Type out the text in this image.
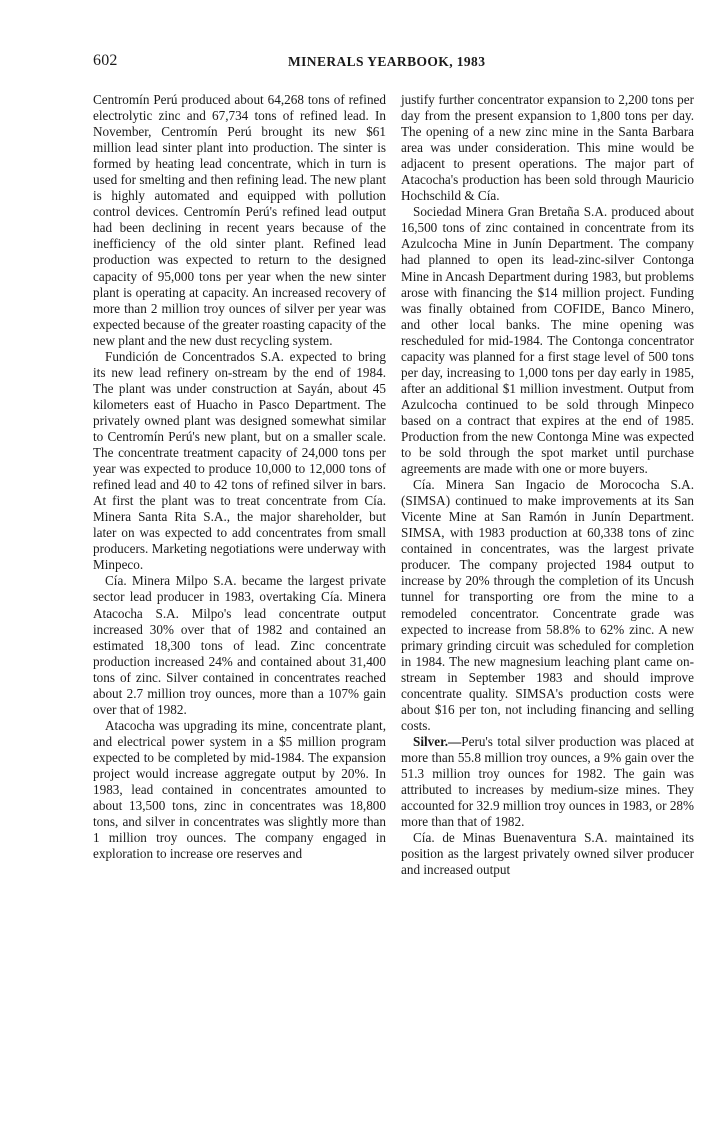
602	MINERALS YEARBOOK, 1983

Centromín Perú produced about 64,268 tons of refined electrolytic zinc and 67,734 tons of refined lead. In November, Centromín Perú brought its new $61 million lead sinter plant into production. The sinter is formed by heating lead concentrate, which in turn is used for smelting and then refining lead. The new plant is highly automated and equipped with pollution control devices. Centromín Perú's refined lead output had been declining in recent years because of the inefficiency of the old sinter plant. Refined lead production was expected to return to the designed capacity of 95,000 tons per year when the new sinter plant is operating at capacity. An increased recovery of more than 2 million troy ounces of silver per year was expected because of the greater roasting capacity of the new plant and the new dust recycling system.

Fundición de Concentrados S.A. expected to bring its new lead refinery on-stream by the end of 1984. The plant was under construction at Sayán, about 45 kilometers east of Huacho in Pasco Department. The privately owned plant was designed somewhat similar to Centromín Perú's new plant, but on a smaller scale. The concentrate treatment capacity of 24,000 tons per year was expected to produce 10,000 to 12,000 tons of refined lead and 40 to 42 tons of refined silver in bars. At first the plant was to treat concentrate from Cía. Minera Santa Rita S.A., the major shareholder, but later on was expected to add concentrates from small producers. Marketing negotiations were underway with Minpeco.

Cía. Minera Milpo S.A. became the largest private sector lead producer in 1983, overtaking Cía. Minera Atacocha S.A. Milpo's lead concentrate output increased 30% over that of 1982 and contained an estimated 18,300 tons of lead. Zinc concentrate production increased 24% and contained about 31,400 tons of zinc. Silver contained in concentrates reached about 2.7 million troy ounces, more than a 107% gain over that of 1982.

Atacocha was upgrading its mine, concentrate plant, and electrical power system in a $5 million program expected to be completed by mid-1984. The expansion project would increase aggregate output by 20%. In 1983, lead contained in concentrates amounted to about 13,500 tons, zinc in concentrates was 18,800 tons, and silver in concentrates was slightly more than 1 million troy ounces. The company engaged in exploration to increase ore reserves and

justify further concentrator expansion to 2,200 tons per day from the present expansion to 1,800 tons per day. The opening of a new zinc mine in the Santa Barbara area was under consideration. This mine would be adjacent to present operations. The major part of Atacocha's production has been sold through Mauricio Hochschild & Cía.

Sociedad Minera Gran Bretaña S.A. produced about 16,500 tons of zinc contained in concentrate from its Azulcocha Mine in Junín Department. The company had planned to open its lead-zinc-silver Contonga Mine in Ancash Department during 1983, but problems arose with financing the $14 million project. Funding was finally obtained from COFIDE, Banco Minero, and other local banks. The mine opening was rescheduled for mid-1984. The Contonga concentrator capacity was planned for a first stage level of 500 tons per day, increasing to 1,000 tons per day early in 1985, after an additional $1 million investment. Output from Azulcocha continued to be sold through Minpeco based on a contract that expires at the end of 1985. Production from the new Contonga Mine was expected to be sold through the spot market until purchase agreements are made with one or more buyers.

Cía. Minera San Ingacio de Morococha S.A. (SIMSA) continued to make improvements at its San Vicente Mine at San Ramón in Junín Department. SIMSA, with 1983 production at 60,338 tons of zinc contained in concentrates, was the largest private producer. The company projected 1984 output to increase by 20% through the completion of its Uncush tunnel for transporting ore from the mine to a remodeled concentrator. Concentrate grade was expected to increase from 58.8% to 62% zinc. A new primary grinding circuit was scheduled for completion in 1984. The new magnesium leaching plant came on-stream in September 1983 and should improve concentrate quality. SIMSA's production costs were about $16 per ton, not including financing and selling costs.

Silver.—Peru's total silver production was placed at more than 55.8 million troy ounces, a 9% gain over the 51.3 million troy ounces for 1982. The gain was attributed to increases by medium-size mines. They accounted for 32.9 million troy ounces in 1983, or 28% more than that of 1982.

Cía. de Minas Buenaventura S.A. maintained its position as the largest privately owned silver producer and increased output
